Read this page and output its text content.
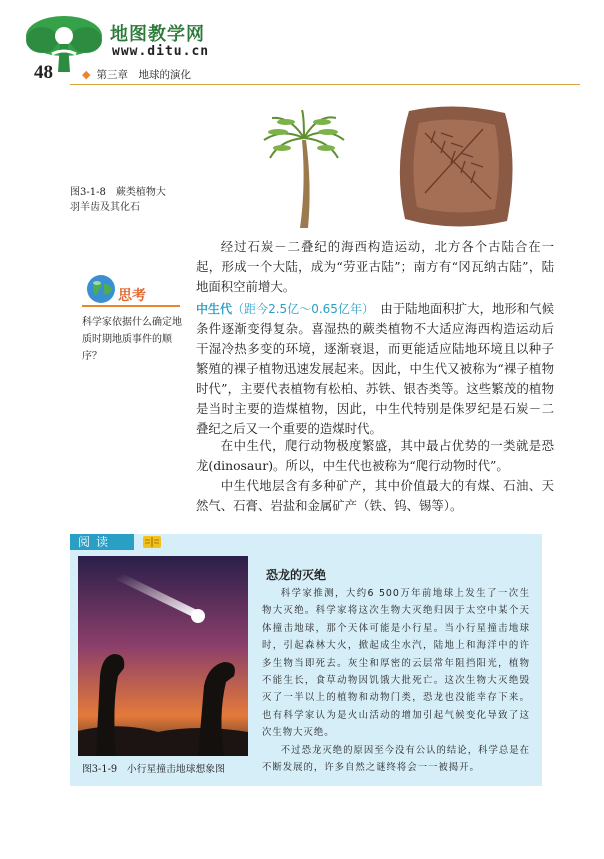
地图教学网
www.ditu.cn
48	◆ 第三章　地球的演化
图3-1-8　蕨类植物大羽羊齿及其化石
思考
科学家依据什么确定地质时期地质事件的顺序？

经过石炭－二叠纪的海西构造运动，北方各个古陆合在一起，形成一个大陆，成为“劳亚古陆”；南方有“冈瓦纳古陆”，陆地面积空前增大。

中生代（距今2.5亿～0.65亿年）　由于陆地面积扩大，地形和气候条件逐渐变得复杂。喜湿热的蕨类植物不大适应海西构造运动后干湿冷热多变的环境，逐渐衰退，而更能适应陆地环境且以种子繁殖的裸子植物迅速发展起来。因此，中生代又被称为“裸子植物时代”，主要代表植物有松柏、苏铁、银杏类等。这些繁茂的植物是当时主要的造煤植物，因此，中生代特别是侏罗纪是石炭－二叠纪之后又一个重要的造煤时代。

在中生代，爬行动物极度繁盛，其中最占优势的一类就是恐龙(dinosaur)。所以，中生代也被称为“爬行动物时代”。

中生代地层含有多种矿产，其中价值最大的有煤、石油、天然气、石膏、岩盐和金属矿产（铁、钨、锡等）。

阅读
图3-1-9　小行星撞击地球想象图
恐龙的灭绝

科学家推测，大约6 500万年前地球上发生了一次生物大灭绝。科学家将这次生物大灭绝归因于太空中某个天体撞击地球，那个天体可能是小行星。当小行星撞击地球时，引起森林大火，掀起成尘水汽，陆地上和海洋中的许多生物当即死去。灰尘和厚密的云层常年阻挡阳光，植物不能生长，食草动物因饥饿大批死亡。这次生物大灭绝毁灭了一半以上的植物和动物门类，恐龙也没能幸存下来。也有科学家认为是火山活动的增加引起气候变化导致了这次生物大灭绝。

不过恐龙灭绝的原因至今没有公认的结论，科学总是在不断发展的，许多自然之谜终将会一一被揭开。
